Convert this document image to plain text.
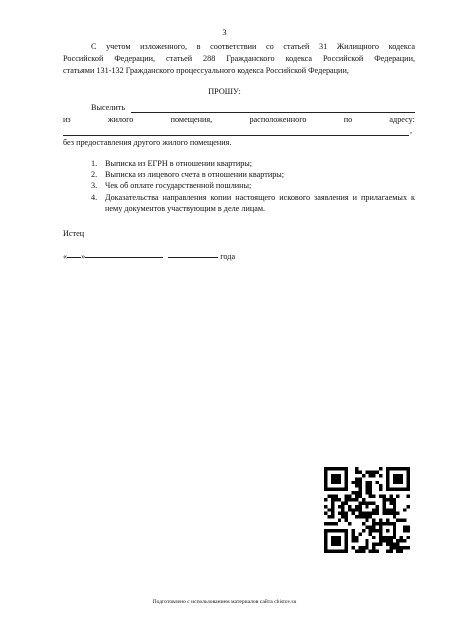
3
С учетом изложенного, в соответствии со статьей 31 Жилищного кодекса
Российской Федерации, статьей 288 Гражданского кодекса Российской Федерации,
статьями 131-132 Гражданского процессуального кодекса Российской Федерации,
ПРОШУ:
Выселить
из	жилого	помещения,	расположенного	по	адресу:
,
без предоставления другого жилого помещения.
1. Выписка из ЕГРН в отношении квартиры;
2. Выписка из лицевого счета в отношении квартиры;
3. Чек об оплате государственной пошлины;
4. Доказательства направления копии настоящего искового заявления и прилагаемых к нему документов участвующим в деле лицам.
Истец
« »	года
Подготовлено с использованием материалов сайта chistov.su
